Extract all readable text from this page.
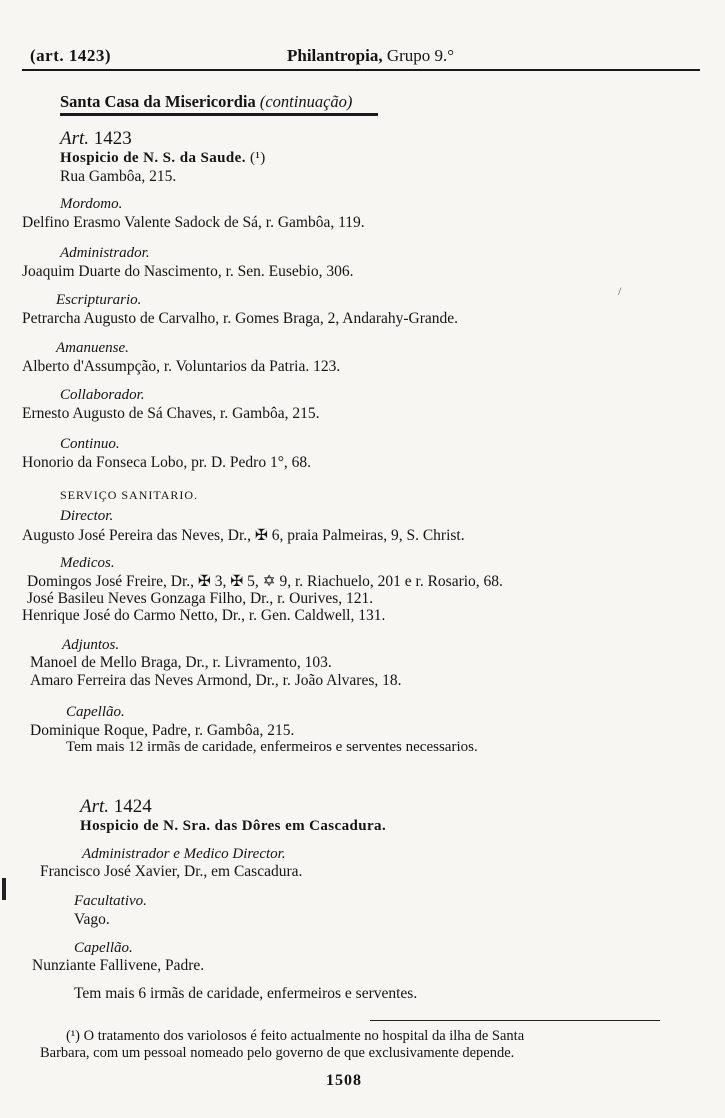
(art. 1423)	Philantropia, Grupo 9.°
Santa Casa da Misericordia (continuação)
Art. 1423
Hospicio de N. S. da Saude. (¹)
Rua Gambôa, 215.
Mordomo.
Delfino Erasmo Valente Sadock de Sá, r. Gambôa, 119.
Administrador.
Joaquim Duarte do Nascimento, r. Sen. Eusebio, 306.
Escripturario.
Petrarcha Augusto de Carvalho, r. Gomes Braga, 2, Andarahy-Grande.
Amanuense.
Alberto d'Assumpção, r. Voluntarios da Patria. 123.
Collaborador.
Ernesto Augusto de Sá Chaves, r. Gambôa, 215.
Continuo.
Honorio da Fonseca Lobo, pr. D. Pedro 1°, 68.
SERVIÇO SANITARIO.
Director.
Augusto José Pereira das Neves, Dr., ✠ 6, praia Palmeiras, 9, S. Christ.
Medicos.
Domingos José Freire, Dr., ✠ 3, ✠ 5, ✡ 9, r. Riachuelo, 201 e r. Rosario, 68.
José Basileu Neves Gonzaga Filho, Dr., r. Ourives, 121.
Henrique José do Carmo Netto, Dr., r. Gen. Caldwell, 131.
Adjuntos.
Manoel de Mello Braga, Dr., r. Livramento, 103.
Amaro Ferreira das Neves Armond, Dr., r. João Alvares, 18.
Capellão.
Dominique Roque, Padre, r. Gambôa, 215.
Tem mais 12 irmãs de caridade, enfermeiros e serventes necessarios.
Art. 1424
Hospicio de N. Sra. das Dôres em Cascadura.
Administrador e Medico Director.
Francisco José Xavier, Dr., em Cascadura.
Facultativo.
Vago.
Capellão.
Nunziante Fallivene, Padre.
Tem mais 6 irmãs de caridade, enfermeiros e serventes.
(¹) O tratamento dos variolosos é feito actualmente no hospital da ilha de Santa
Barbara, com um pessoal nomeado pelo governo de que exclusivamente depende.
1508
/
